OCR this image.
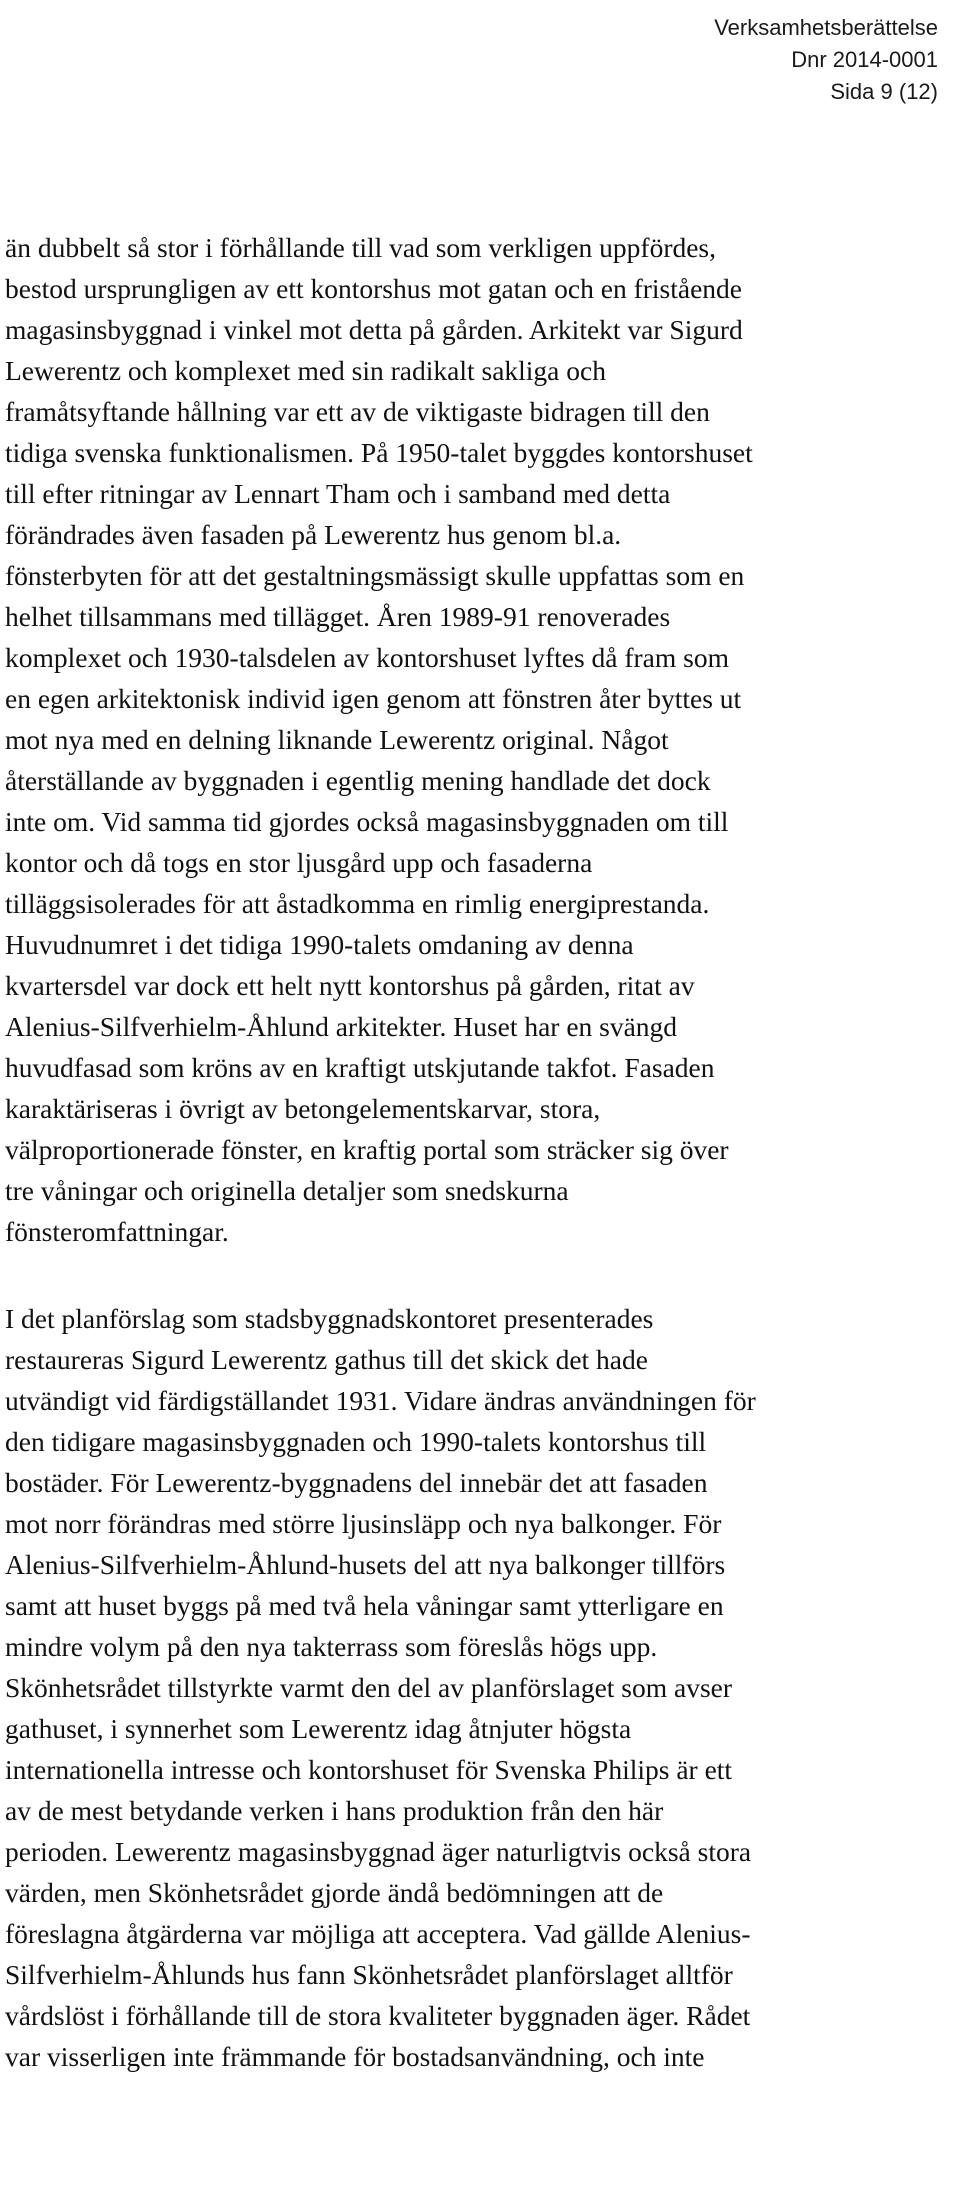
Verksamhetsberättelse
Dnr 2014-0001
Sida 9 (12)
än dubbelt så stor i förhållande till vad som verkligen uppfördes,
bestod ursprungligen av ett kontorshus mot gatan och en fristående
magasinsbyggnad i vinkel mot detta på gården. Arkitekt var Sigurd
Lewerentz och komplexet med sin radikalt sakliga och
framåtsyftande hållning var ett av de viktigaste bidragen till den
tidiga svenska funktionalismen. På 1950-talet byggdes kontorshuset
till efter ritningar av Lennart Tham och i samband med detta
förändrades även fasaden på Lewerentz hus genom bl.a.
fönsterbyten för att det gestaltningsmässigt skulle uppfattas som en
helhet tillsammans med tillägget. Åren 1989-91 renoverades
komplexet och 1930-talsdelen av kontorshuset lyftes då fram som
en egen arkitektonisk individ igen genom att fönstren åter byttes ut
mot nya med en delning liknande Lewerentz original. Något
återställande av byggnaden i egentlig mening handlade det dock
inte om. Vid samma tid gjordes också magasinsbyggnaden om till
kontor och då togs en stor ljusgård upp och fasaderna
tilläggsisolerades för att åstadkomma en rimlig energiprestanda.
Huvudnumret i det tidiga 1990-talets omdaning av denna
kvartersdel var dock ett helt nytt kontorshus på gården, ritat av
Alenius-Silfverhielm-Åhlund arkitekter. Huset har en svängd
huvudfasad som kröns av en kraftigt utskjutande takfot. Fasaden
karaktäriseras i övrigt av betongelementskarvar, stora,
välproportionerade fönster, en kraftig portal som sträcker sig över
tre våningar och originella detaljer som snedskurna
fönsteromfattningar.
I det planförslag som stadsbyggnadskontoret presenterades
restaureras Sigurd Lewerentz gathus till det skick det hade
utvändigt vid färdigställandet 1931. Vidare ändras användningen för
den tidigare magasinsbyggnaden och 1990-talets kontorshus till
bostäder. För Lewerentz-byggnadens del innebär det att fasaden
mot norr förändras med större ljusinsläpp och nya balkonger. För
Alenius-Silfverhielm-Åhlund-husets del att nya balkonger tillförs
samt att huset byggs på med två hela våningar samt ytterligare en
mindre volym på den nya takterrass som föreslås högs upp.
Skönhetsrådet tillstyrkte varmt den del av planförslaget som avser
gathuset, i synnerhet som Lewerentz idag åtnjuter högsta
internationella intresse och kontorshuset för Svenska Philips är ett
av de mest betydande verken i hans produktion från den här
perioden. Lewerentz magasinsbyggnad äger naturligtvis också stora
värden, men Skönhetsrådet gjorde ändå bedömningen att de
föreslagna åtgärderna var möjliga att acceptera. Vad gällde Alenius-
Silfverhielm-Åhlunds hus fann Skönhetsrådet planförslaget alltför
vårdslöst i förhållande till de stora kvaliteter byggnaden äger. Rådet
var visserligen inte främmande för bostadsanvändning, och inte
